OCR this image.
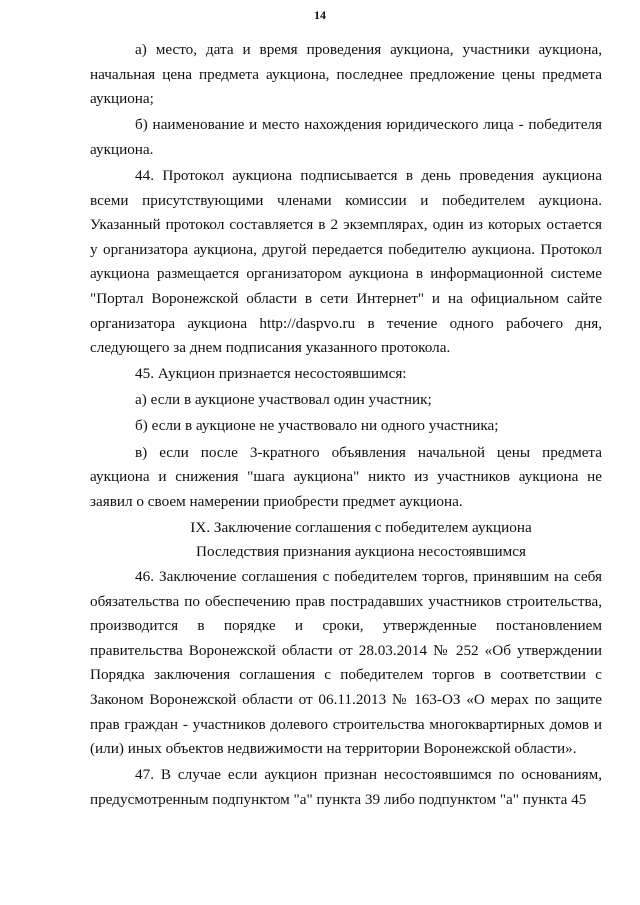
14

а) место, дата и время проведения аукциона, участники аукциона, начальная цена предмета аукциона, последнее предложение цены предмета аукциона;

б) наименование и место нахождения юридического лица - победителя аукциона.

44. Протокол аукциона подписывается в день проведения аукциона всеми присутствующими членами комиссии и победителем аукциона. Указанный протокол составляется в 2 экземплярах, один из которых остается у организатора аукциона, другой передается победителю аукциона. Протокол аукциона размещается организатором аукциона в информационной системе "Портал Воронежской области в сети Интернет" и на официальном сайте организатора аукциона http://daspvo.ru в течение одного рабочего дня, следующего за днем подписания указанного протокола.

45. Аукцион признается несостоявшимся:

а) если в аукционе участвовал один участник;

б) если в аукционе не участвовало ни одного участника;

в) если после 3-кратного объявления начальной цены предмета аукциона и снижения "шага аукциона" никто из участников аукциона не заявил о своем намерении приобрести предмет аукциона.

IX. Заключение соглашения с победителем аукциона

Последствия признания аукциона несостоявшимся

46. Заключение соглашения с победителем торгов, принявшим на себя обязательства по обеспечению прав пострадавших участников строительства, производится в порядке и сроки, утвержденные постановлением правительства Воронежской области от 28.03.2014 № 252 «Об утверждении Порядка заключения соглашения с победителем торгов в соответствии с Законом Воронежской области от 06.11.2013 № 163-ОЗ «О мерах по защите прав граждан - участников долевого строительства многоквартирных домов и (или) иных объектов недвижимости на территории Воронежской области».

47. В случае если аукцион признан несостоявшимся по основаниям, предусмотренным подпунктом "а" пункта 39 либо подпунктом "а" пункта 45
